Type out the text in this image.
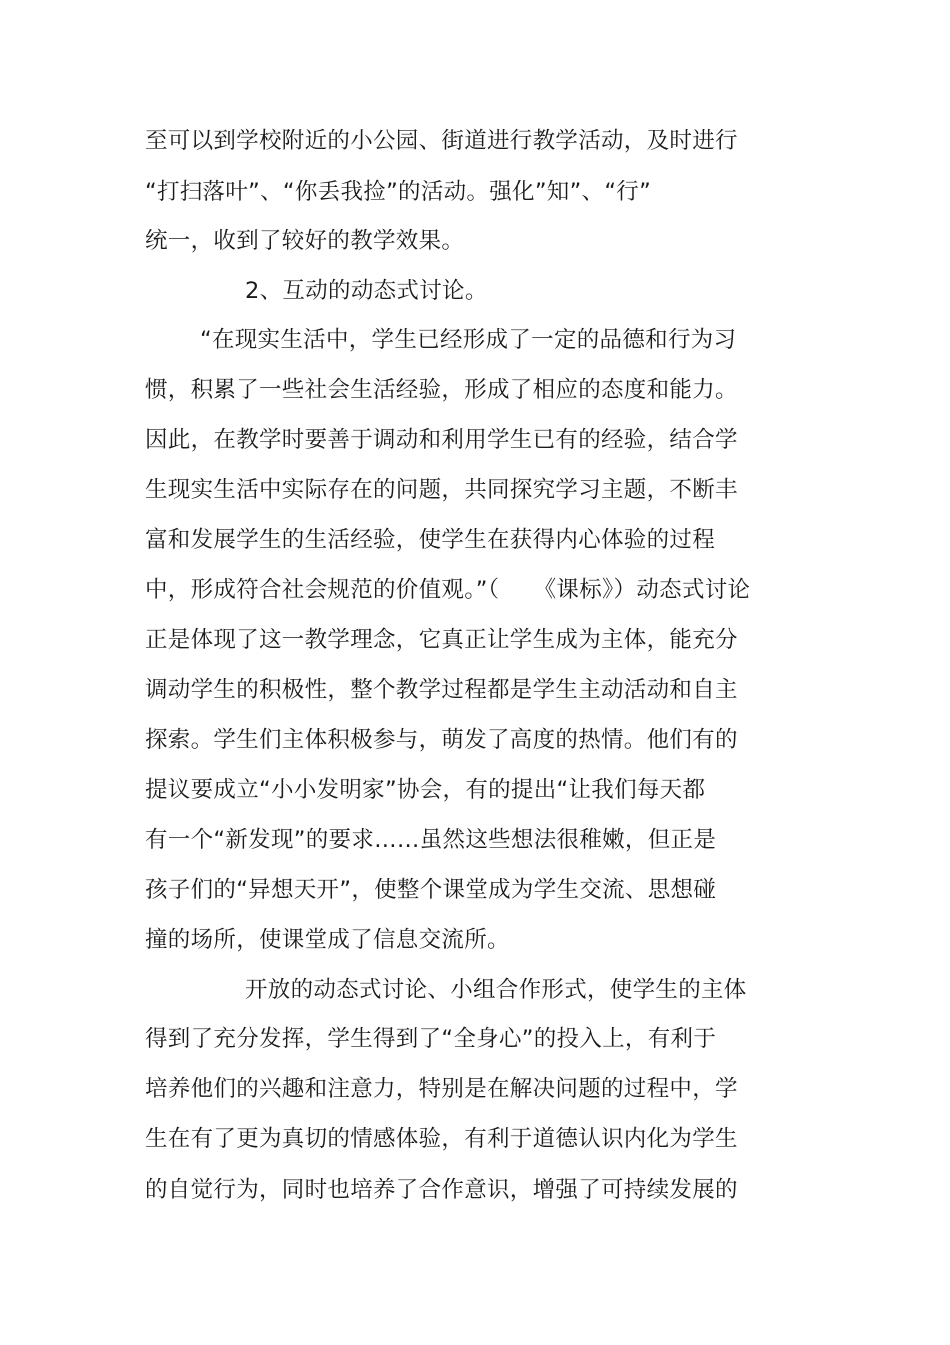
至可以到学校附近的小公园、街道进行教学活动，及时进行
“打扫落叶”、“你丢我捡”的活动。强化”知”、“行”
统一，收到了较好的教学效果。
2、互动的动态式讨论。
“在现实生活中，学生已经形成了一定的品德和行为习
惯，积累了一些社会生活经验，形成了相应的态度和能力。
因此，在教学时要善于调动和利用学生已有的经验，结合学
生现实生活中实际存在的问题，共同探究学习主题，不断丰
富和发展学生的生活经验，使学生在获得内心体验的过程
中，形成符合社会规范的价值观。”（　　《课标》）动态式讨论
正是体现了这一教学理念，它真正让学生成为主体，能充分
调动学生的积极性，整个教学过程都是学生主动活动和自主
探索。学生们主体积极参与，萌发了高度的热情。他们有的
提议要成立“小小发明家”协会，有的提出“让我们每天都
有一个“新发现”的要求……虽然这些想法很稚嫩，但正是
孩子们的“异想天开”，使整个课堂成为学生交流、思想碰
撞的场所，使课堂成了信息交流所。
开放的动态式讨论、小组合作形式，使学生的主体
得到了充分发挥，学生得到了“全身心”的投入上，有利于
培养他们的兴趣和注意力，特别是在解决问题的过程中，学
生在有了更为真切的情感体验，有利于道德认识内化为学生
的自觉行为，同时也培养了合作意识，增强了可持续发展的
